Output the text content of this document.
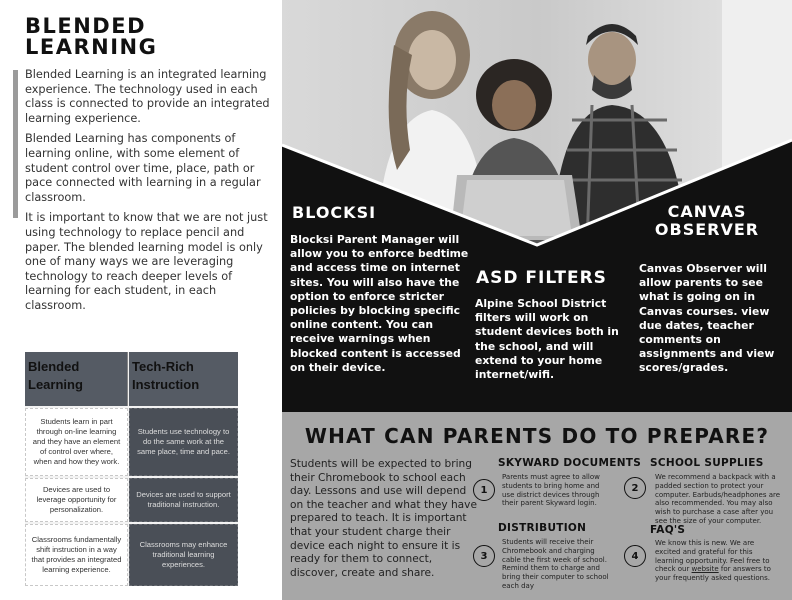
BLENDED
LEARNING

Blended Learning is an integrated learning experience. The technology used in each class is connected to provide an integrated learning experience.

Blended Learning has components of learning online, with some element of student control over time, place, path or pace connected with learning in a regular classroom.

It is important to know that we are not just using technology to replace pencil and paper. The blended learning model is only one of many ways we are leveraging technology to reach deeper levels of learning for each student, in each classroom.

Blended Learning
Tech-Rich Instruction
Students learn in part through on-line learning and they have an element of control over where, when and how they work.
Students use technology to do the same work at the same place, time and pace.
Devices are used to leverage opportunity for personalization.
Devices are used to support traditional instruction.
Classrooms fundamentally shift instruction in a way that provides an integrated learning experience.
Classrooms may enhance traditional learning experiences.
BLOCKSI
Blocksi Parent Manager will allow you to enforce bedtime and access time on internet sites. You will also have the option to enforce stricter policies by blocking specific online content. You can receive warnings when blocked content is accessed on their device.
ASD FILTERS
Alpine School District filters will work on student devices both in the school, and will extend to your home internet/wifi.
CANVAS
OBSERVER
Canvas Observer will allow parents to see what is going on in Canvas courses. view due dates, teacher comments on assignments and view scores/grades.
WHAT CAN PARENTS DO TO PREPARE?
Students will be expected to bring their Chromebook to school each day. Lessons and use will depend on the teacher and what they have prepared to teach. It is important that your student charge their device each night to ensure it is ready for them to connect, discover, create and share.
SKYWARD DOCUMENTS
1
Parents must agree to allow students to bring home and use district devices through their parent Skyward login.
SCHOOL SUPPLIES
2
We recommend a backpack with a padded section to protect your computer. Earbuds/headphones are also recommended. You may also wish to purchase a case after you see the size of your computer.
DISTRIBUTION
3
Students will receive their Chromebook and charging cable the first week of school. Remind them to charge and bring their computer to school each day
FAQ'S
4
We know this is new. We are excited and grateful for this learning opportunity. Feel free to check our website for answers to your frequently asked questions.
